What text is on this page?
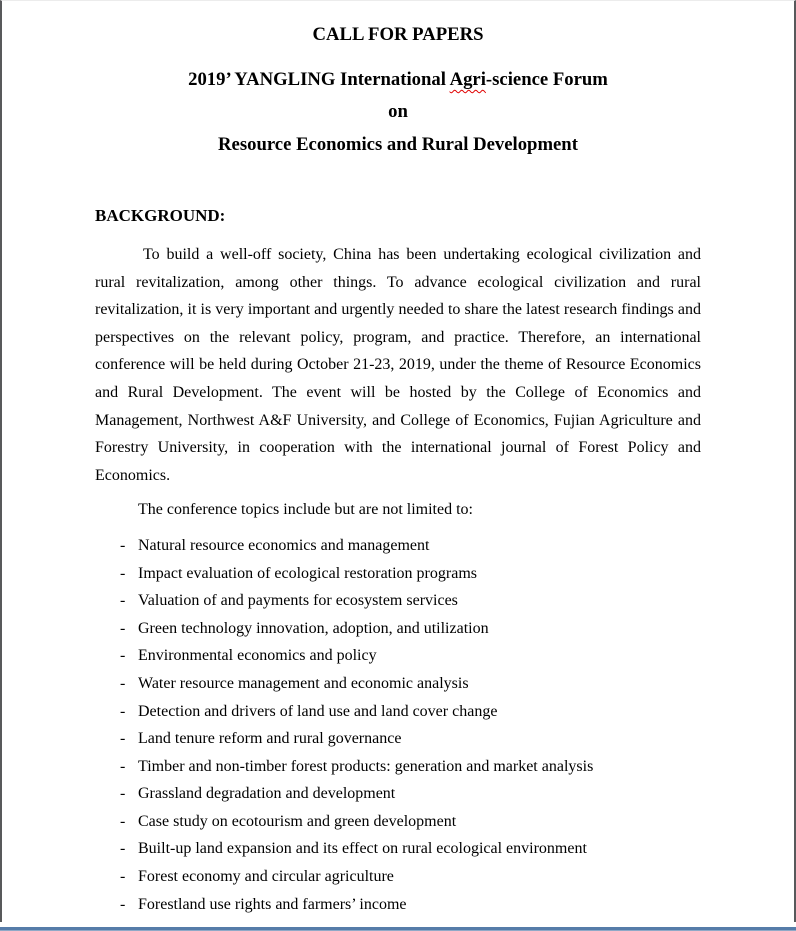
CALL FOR PAPERS
2019’ YANGLING International Agri-science Forum
on
Resource Economics and Rural Development
BACKGROUND:

To build a well-off society, China has been undertaking ecological civilization and rural revitalization, among other things. To advance ecological civilization and rural revitalization, it is very important and urgently needed to share the latest research findings and perspectives on the relevant policy, program, and practice. Therefore, an international conference will be held during October 21-23, 2019, under the theme of Resource Economics and Rural Development. The event will be hosted by the College of Economics and Management, Northwest A&F University, and College of Economics, Fujian Agriculture and Forestry University, in cooperation with the international journal of Forest Policy and Economics.

The conference topics include but are not limited to:

- Natural resource economics and management
- Impact evaluation of ecological restoration programs
- Valuation of and payments for ecosystem services
- Green technology innovation, adoption, and utilization
- Environmental economics and policy
- Water resource management and economic analysis
- Detection and drivers of land use and land cover change
- Land tenure reform and rural governance
- Timber and non-timber forest products: generation and market analysis
- Grassland degradation and development
- Case study on ecotourism and green development
- Built-up land expansion and its effect on rural ecological environment
- Forest economy and circular agriculture
- Forestland use rights and farmers’ income
